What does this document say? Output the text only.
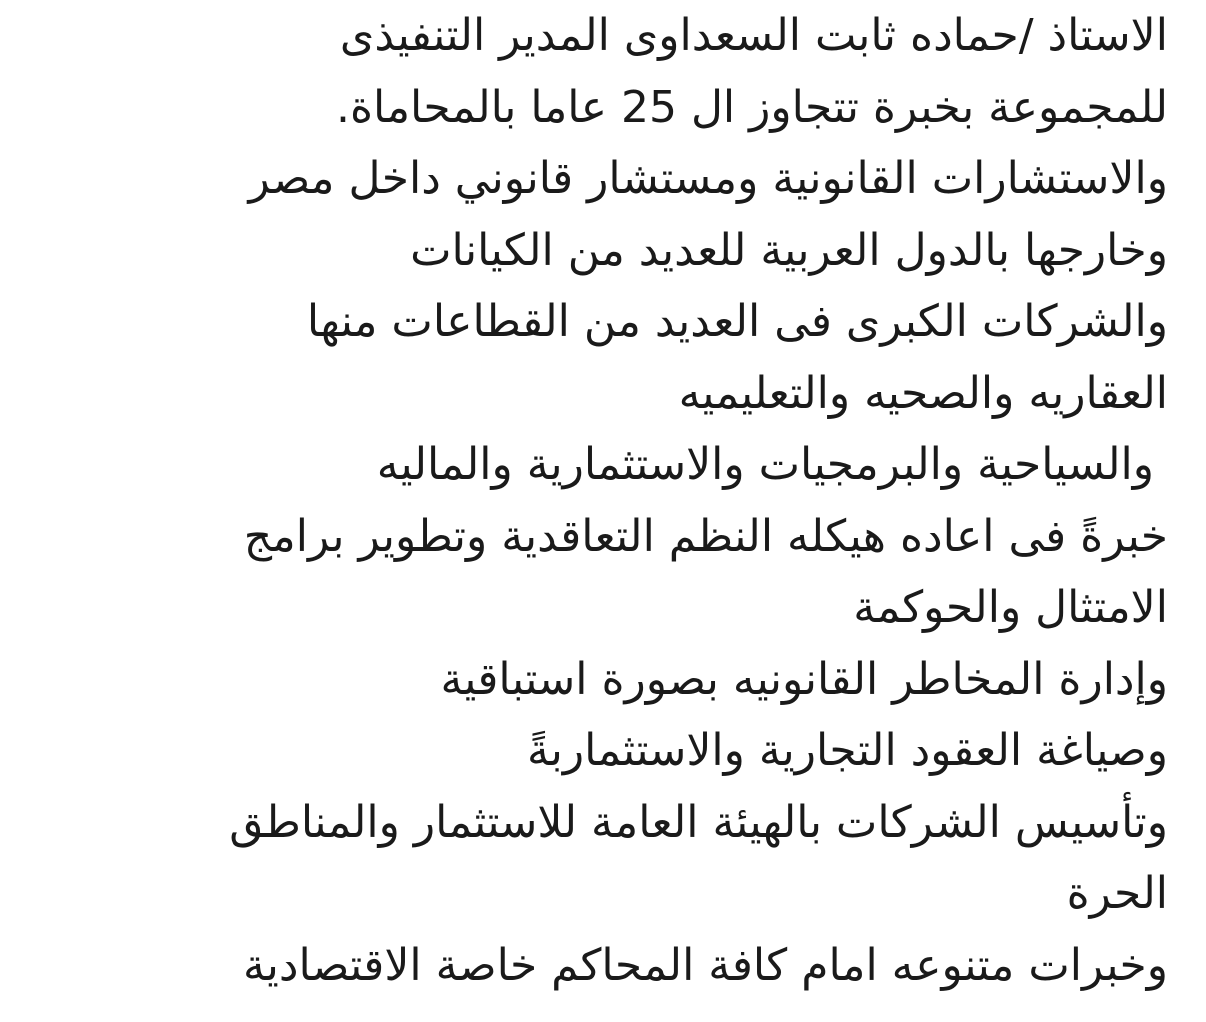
الاستاذ /حماده ثابت السعداوى المدير التنفيذى
للمجموعة بخبرة تتجاوز ال 25 عاما بالمحاماة.
والاستشارات القانونية ومستشار قانوني داخل مصر
وخارجها بالدول العربية للعديد من الكيانات
والشركات الكبرى فى العديد من القطاعات منها
العقاريه والصحيه والتعليميه
والسياحية والبرمجيات والاستثمارية والماليه
خبرةً فى اعاده هيكله النظم التعاقدية وتطوير برامج
الامتثال والحوكمة
وإدارة المخاطر القانونيه بصورة استباقية
وصياغة العقود التجارية والاستثماربةً
وتأسيس الشركات بالهيئة العامة للاستثمار والمناطق
الحرة
وخبرات متنوعه امام كافة المحاكم خاصة الاقتصادية
